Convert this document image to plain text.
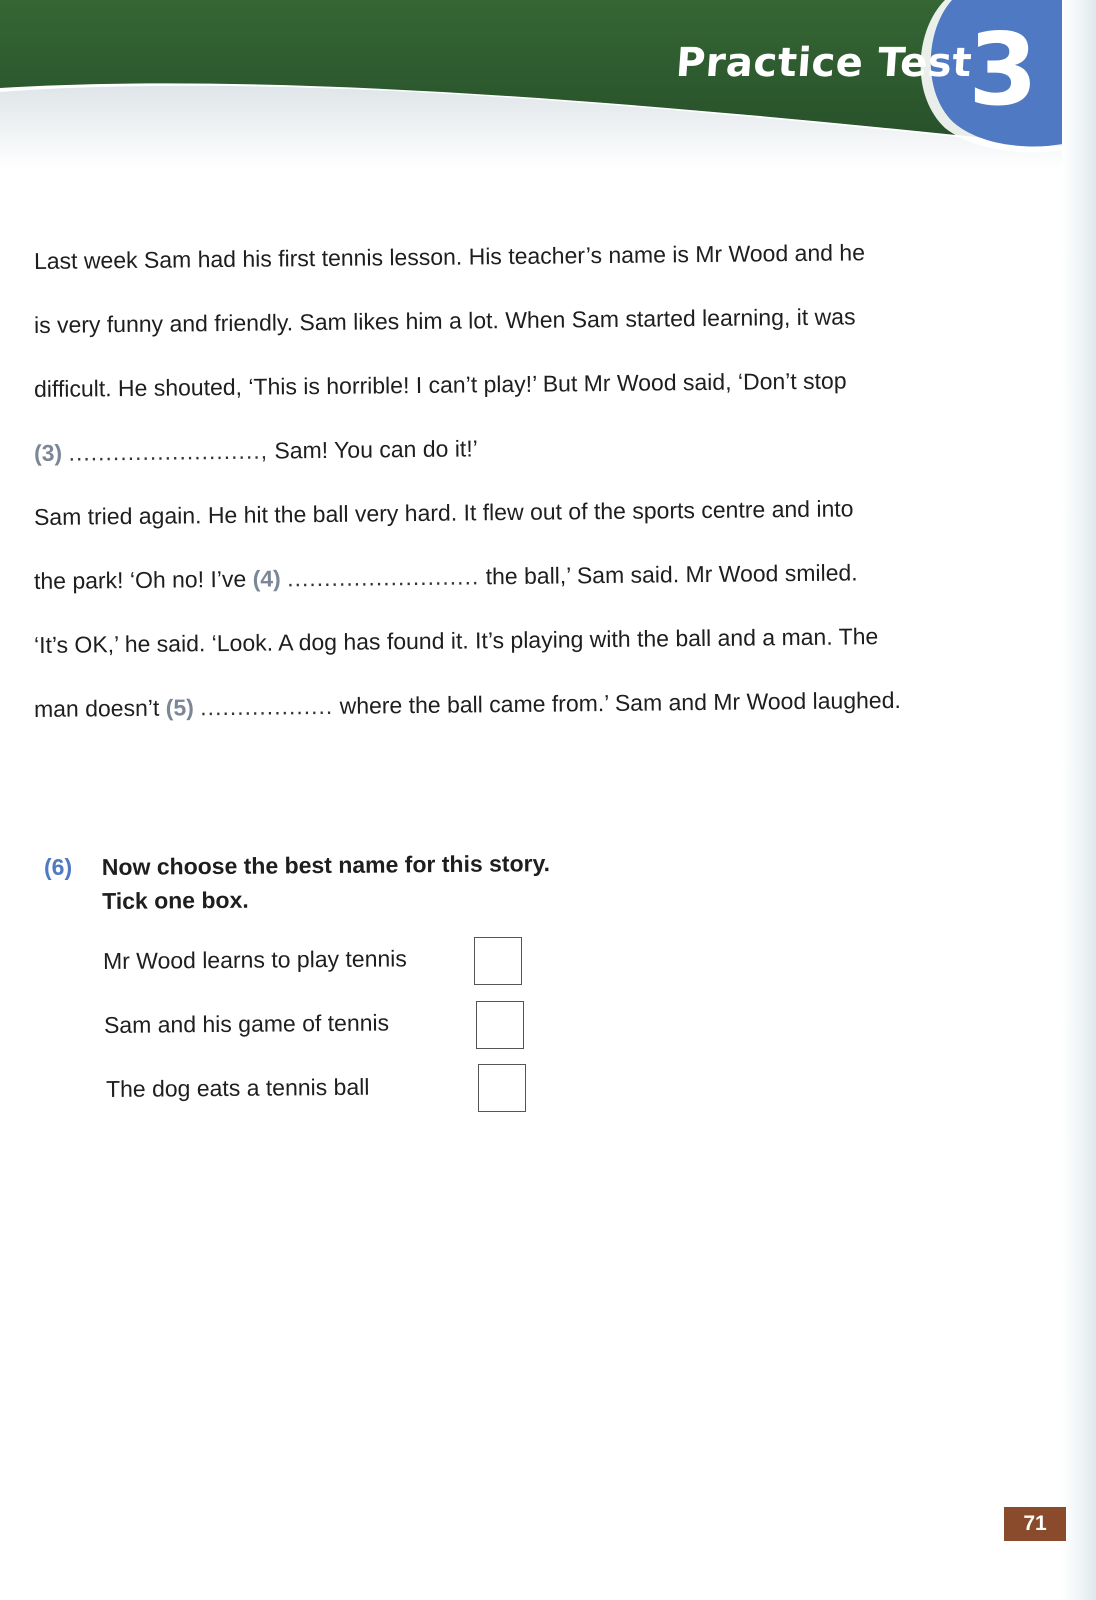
Practice Test
3
Last week Sam had his first tennis lesson. His teacher’s name is Mr Wood and he
is very funny and friendly. Sam likes him a lot. When Sam started learning, it was
difficult. He shouted, ‘This is horrible! I can’t play!’ But Mr Wood said, ‘Don’t stop
(3) .........................., Sam! You can do it!’
Sam tried again. He hit the ball very hard. It flew out of the sports centre and into
the park! ‘Oh no! I’ve (4) .......................... the ball,’ Sam said. Mr Wood smiled.
‘It’s OK,’ he said. ‘Look. A dog has found it. It’s playing with the ball and a man. The
man doesn’t (5) .................. where the ball came from.’ Sam and Mr Wood laughed.
(6) Now choose the best name for this story.
Tick one box.
Mr Wood learns to play tennis
Sam and his game of tennis
The dog eats a tennis ball
71
